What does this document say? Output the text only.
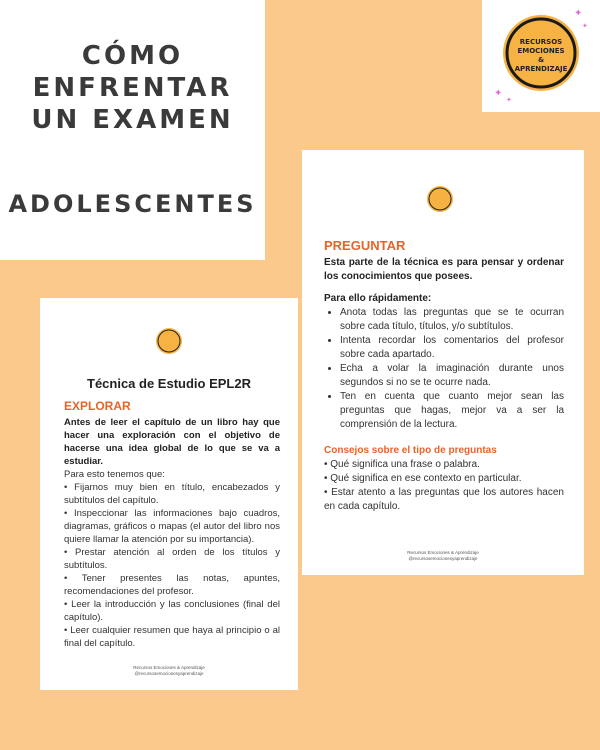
CÓMO
ENFRENTAR
UN EXAMEN
ADOLESCENTES
RECURSOS
EMOCIONES
&
APRENDIZAJE
✦
✦
✦
✦
Técnica de Estudio EPL2R
EXPLORAR
Antes de leer el capítulo de un libro hay que hacer una exploración con el objetivo de hacerse una idea global de lo que se va a estudiar.
Para esto tenemos que:
• Fijarnos muy bien en título, encabezados y subtítulos del capítulo.
• Inspeccionar las informaciones bajo cuadros, diagramas, gráficos o mapas (el autor del libro nos quiere llamar la atención por su importancia).
• Prestar atención al orden de los títulos y subtítulos.
• Tener presentes las notas, apuntes, recomendaciones del profesor.
• Leer la introducción y las conclusiones (final del capítulo).
• Leer cualquier resumen que haya al principio o al final del capítulo.
Recursos Emociones & Aprendizaje
@recursosemocionesyaprendizaje
PREGUNTAR
Esta parte de la técnica es para pensar y ordenar los conocimientos que posees.
Para ello rápidamente:
• Anota todas las preguntas que se te ocurran sobre cada título, títulos, y/o subtítulos.
• Intenta recordar los comentarios del profesor sobre cada apartado.
• Echa a volar la imaginación durante unos segundos si no se te ocurre nada.
• Ten en cuenta que cuanto mejor sean las preguntas que hagas, mejor va a ser la comprensión de la lectura.
Consejos sobre el tipo de preguntas
• Qué significa una frase o palabra.
• Qué significa en ese contexto en particular.
• Estar atento a las preguntas que los autores hacen en cada capítulo.
Recursos Emociones & Aprendizaje
@recursosemocionesyaprendizaje
